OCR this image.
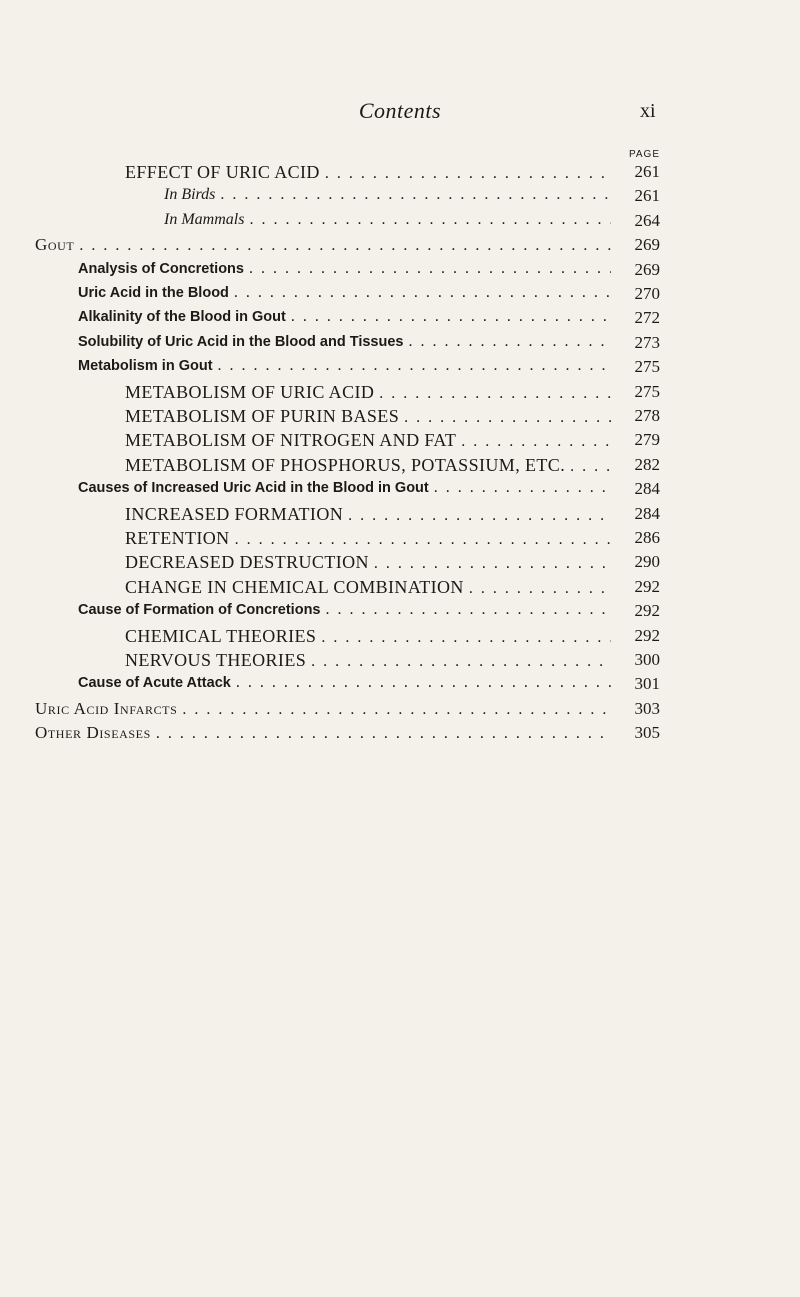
Contents	xi
PAGE
EFFECT OF URIC ACID . . .	261
In Birds . . .	261
In Mammals . . .	264
Gout . . .	269
Analysis of Concretions . . .	269
Uric Acid in the Blood . . .	270
Alkalinity of the Blood in Gout . . .	272
Solubility of Uric Acid in the Blood and Tissues . . .	273
Metabolism in Gout . . .	275
METABOLISM OF URIC ACID . . .	275
METABOLISM OF PURIN BASES . . .	278
METABOLISM OF NITROGEN AND FAT . . .	279
METABOLISM OF PHOSPHORUS, POTASSIUM, ETC. . . .	282
Causes of Increased Uric Acid in the Blood in Gout . . .	284
INCREASED FORMATION . . .	284
RETENTION . . .	286
DECREASED DESTRUCTION . . .	290
CHANGE IN CHEMICAL COMBINATION . . .	292
Cause of Formation of Concretions . . .	292
CHEMICAL THEORIES . . .	292
NERVOUS THEORIES . . .	300
Cause of Acute Attack . . .	301
Uric Acid Infarcts . . .	303
Other Diseases . . .	305
